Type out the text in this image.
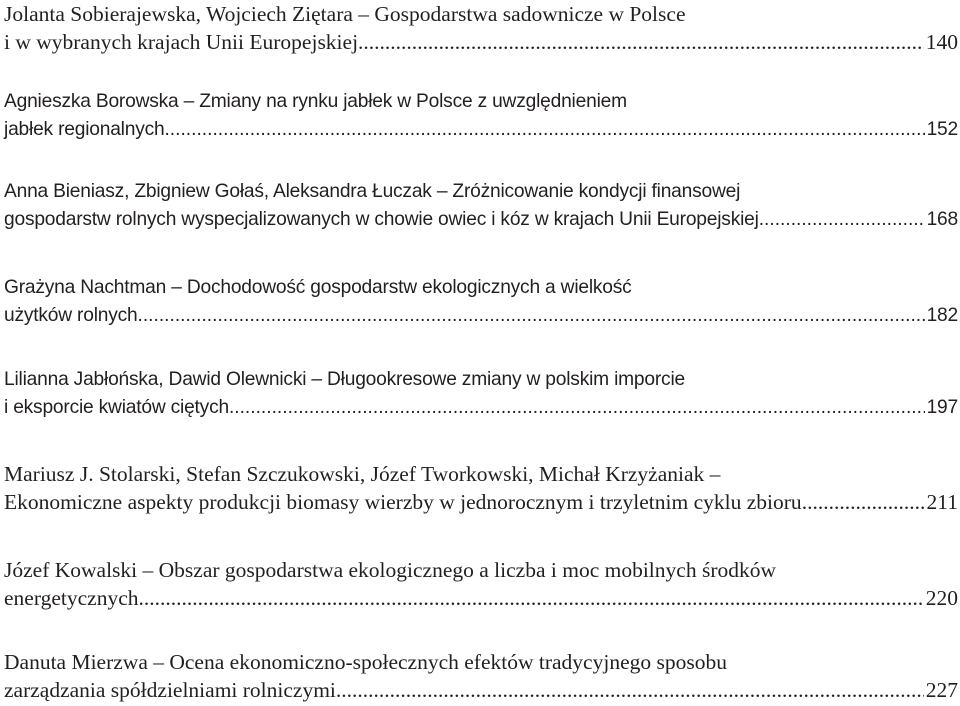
Jolanta Sobierajewska, Wojciech Ziętara – Gospodarstwa sadownicze w Polsce
i w wybranych krajach Unii Europejskiej .....	140
Agnieszka Borowska – Zmiany na rynku jabłek w Polsce z uwzględnieniem
jabłek regionalnych .....	152
Anna Bieniasz, Zbigniew Gołaś, Aleksandra Łuczak – Zróżnicowanie kondycji finansowej
gospodarstw rolnych wyspecjalizowanych w chowie owiec i kóz w krajach Unii Europejskiej .....	168
Grażyna Nachtman – Dochodowość gospodarstw ekologicznych a wielkość
użytków rolnych .....	182
Lilianna Jabłońska, Dawid Olewnicki – Długookresowe zmiany w polskim imporcie
i eksporcie kwiatów ciętych .....	197
Mariusz J. Stolarski, Stefan Szczukowski, Józef Tworkowski, Michał Krzyżaniak –
Ekonomiczne aspekty produkcji biomasy wierzby w jednorocznym i trzyletnim cyklu zbioru .....	211
Józef Kowalski – Obszar gospodarstwa ekologicznego a liczba i moc mobilnych środków
energetycznych .....	220
Danuta Mierzwa – Ocena ekonomiczno-społecznych efektów tradycyjnego sposobu
zarządzania spółdzielniami rolniczymi .....	227
